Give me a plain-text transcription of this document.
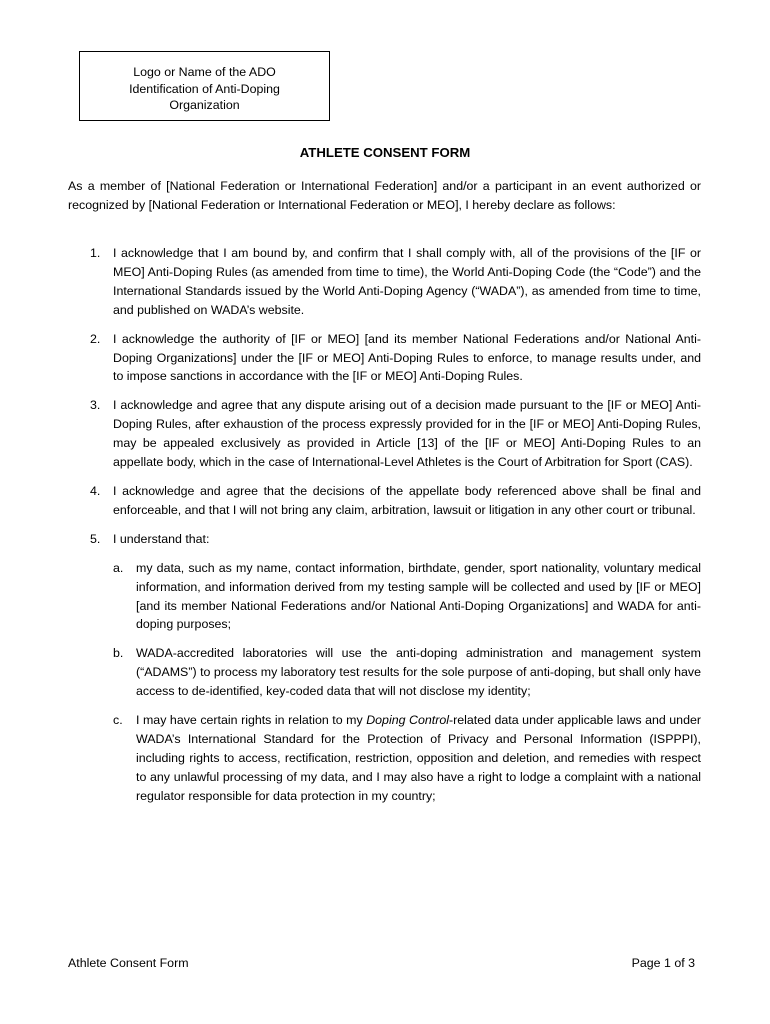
Logo or Name of the ADO
Identification of Anti-Doping
Organization
ATHLETE CONSENT FORM

As a member of [National Federation or International Federation] and/or a participant in an event authorized or recognized by [National Federation or International Federation or MEO], I hereby declare as follows:

1. I acknowledge that I am bound by, and confirm that I shall comply with, all of the provisions of the [IF or MEO] Anti-Doping Rules (as amended from time to time), the World Anti-Doping Code (the “Code”) and the International Standards issued by the World Anti-Doping Agency (“WADA”), as amended from time to time, and published on WADA’s website.
2. I acknowledge the authority of [IF or MEO] [and its member National Federations and/or National Anti-Doping Organizations] under the [IF or MEO] Anti-Doping Rules to enforce, to manage results under, and to impose sanctions in accordance with the [IF or MEO] Anti-Doping Rules.
3. I acknowledge and agree that any dispute arising out of a decision made pursuant to the [IF or MEO] Anti-Doping Rules, after exhaustion of the process expressly provided for in the [IF or MEO] Anti-Doping Rules, may be appealed exclusively as provided in Article [13] of the [IF or MEO] Anti-Doping Rules to an appellate body, which in the case of International-Level Athletes is the Court of Arbitration for Sport (CAS).
4. I acknowledge and agree that the decisions of the appellate body referenced above shall be final and enforceable, and that I will not bring any claim, arbitration, lawsuit or litigation in any other court or tribunal.
5. I understand that:
a. my data, such as my name, contact information, birthdate, gender, sport nationality, voluntary medical information, and information derived from my testing sample will be collected and used by [IF or MEO] [and its member National Federations and/or National Anti-Doping Organizations] and WADA for anti-doping purposes;
b. WADA-accredited laboratories will use the anti-doping administration and management system (“ADAMS”) to process my laboratory test results for the sole purpose of anti-doping, but shall only have access to de-identified, key-coded data that will not disclose my identity;
c. I may have certain rights in relation to my Doping Control-related data under applicable laws and under WADA’s International Standard for the Protection of Privacy and Personal Information (ISPPPI), including rights to access, rectification, restriction, opposition and deletion, and remedies with respect to any unlawful processing of my data, and I may also have a right to lodge a complaint with a national regulator responsible for data protection in my country;
Athlete Consent Form	Page 1 of 3
